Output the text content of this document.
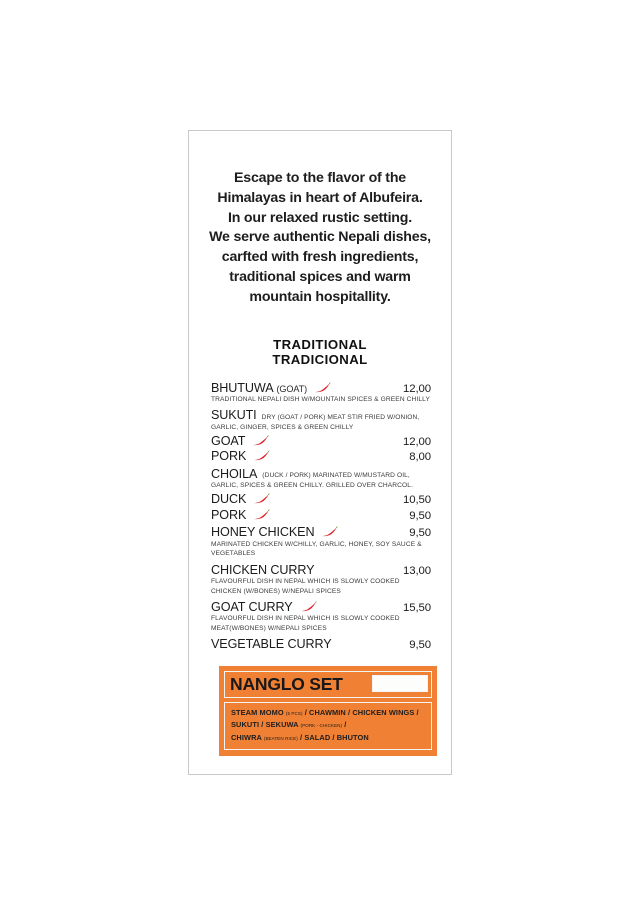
Escape to the flavor of the
Himalayas in heart of Albufeira.
In our relaxed rustic setting.
We serve authentic Nepali dishes,
carfted with fresh ingredients,
traditional spices and warm
mountain hospitallity.
TRADITIONAL
TRADICIONAL
BHUTUWA (GOAT)	12,00
TRADITIONAL NEPALI DISH W/MOUNTAIN SPICES & GREEN CHILLY
SUKUTI DRY (GOAT / PORK) MEAT STIR FRIED W/ONION,
GARLIC, GINGER, SPICES & GREEN CHILLY
GOAT	12,00
PORK	8,00
CHOILA (DUCK / PORK) MARINATED W/MUSTARD OIL,
GARLIC, SPICES & GREEN CHILLY. GRILLED OVER CHARCOL.
DUCK	10,50
PORK	9,50
HONEY CHICKEN	9,50
MARINATED CHICKEN W/CHILLY, GARLIC, HONEY, SOY SAUCE & VEGETABLES
CHICKEN CURRY	13,00
FLAVOURFUL DISH IN NEPAL WHICH IS SLOWLY COOKED
CHICKEN (W/BONES) W/NEPALI SPICES
GOAT CURRY	15,50
FLAVOURFUL DISH IN NEPAL WHICH IS SLOWLY COOKED
MEAT(W/BONES) W/NEPALI SPICES
VEGETABLE CURRY	9,50
NANGLO SET
STEAM MOMO (5 PCS) / CHAWMIN / CHICKEN WINGS /
SUKUTI / SEKUWA (PORK - CHICKEN) /
CHIWRA (BEATEN RICE) / SALAD / BHUTON
